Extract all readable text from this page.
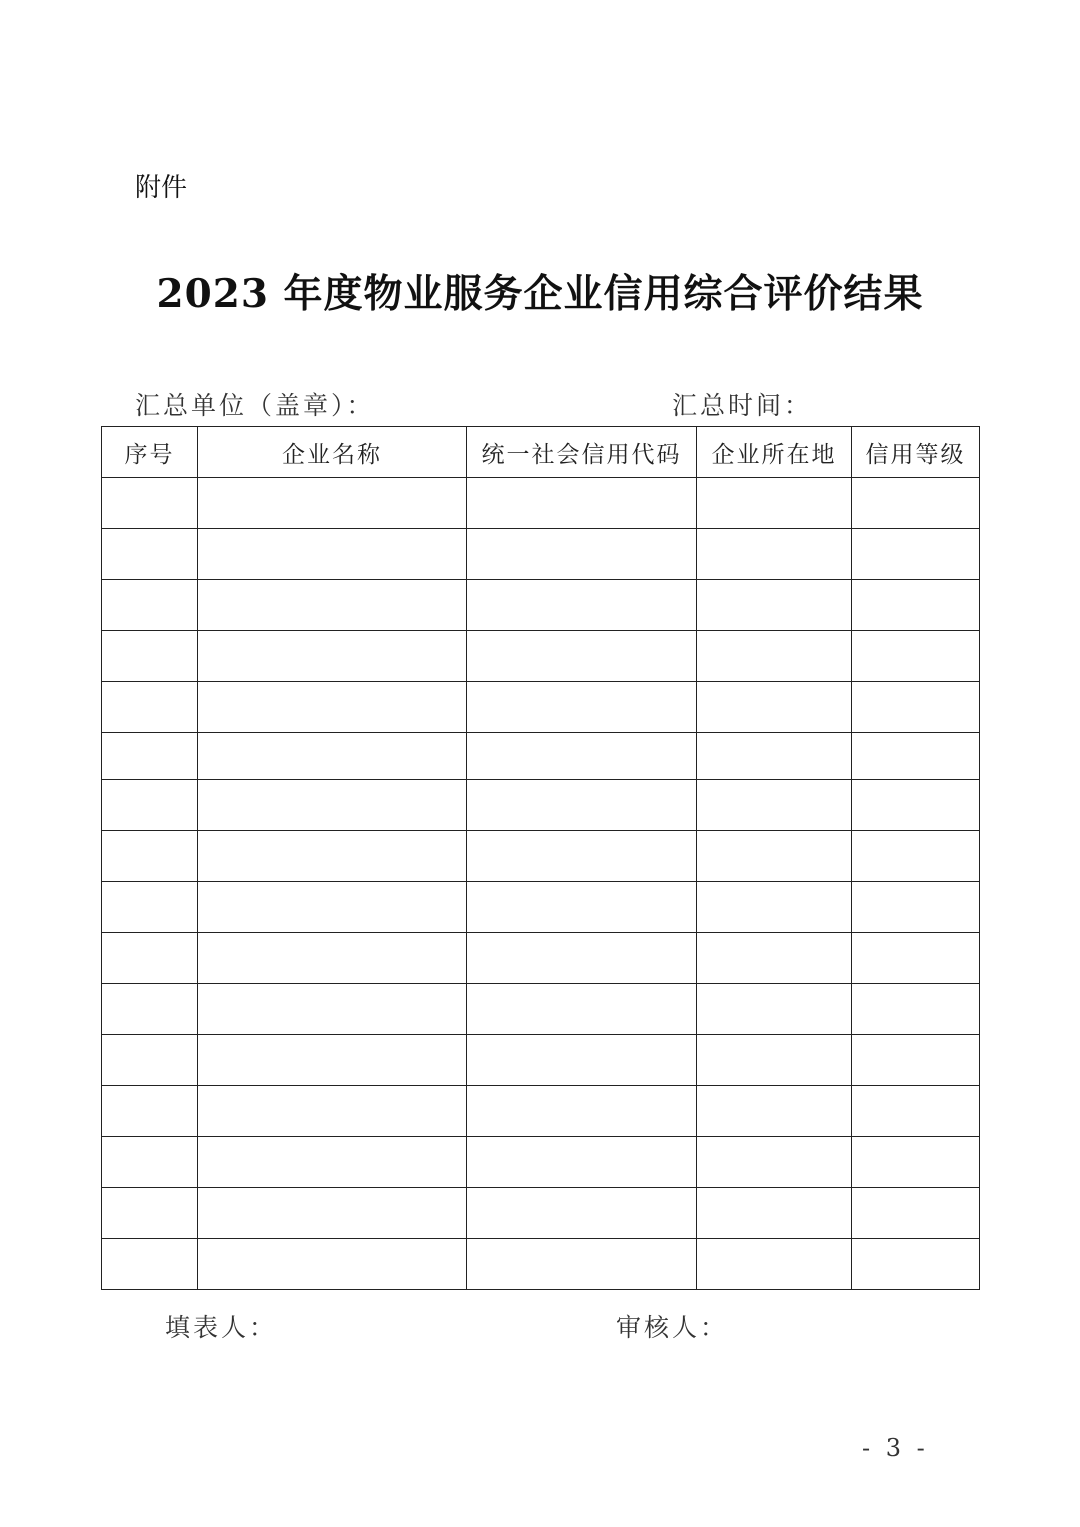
附件
2023 年度物业服务企业信用综合评价结果
汇总单位（盖章）：	汇总时间：
序号	企业名称	统一社会信用代码	企业所在地	信用等级

填表人：	审核人：
- 3 -
